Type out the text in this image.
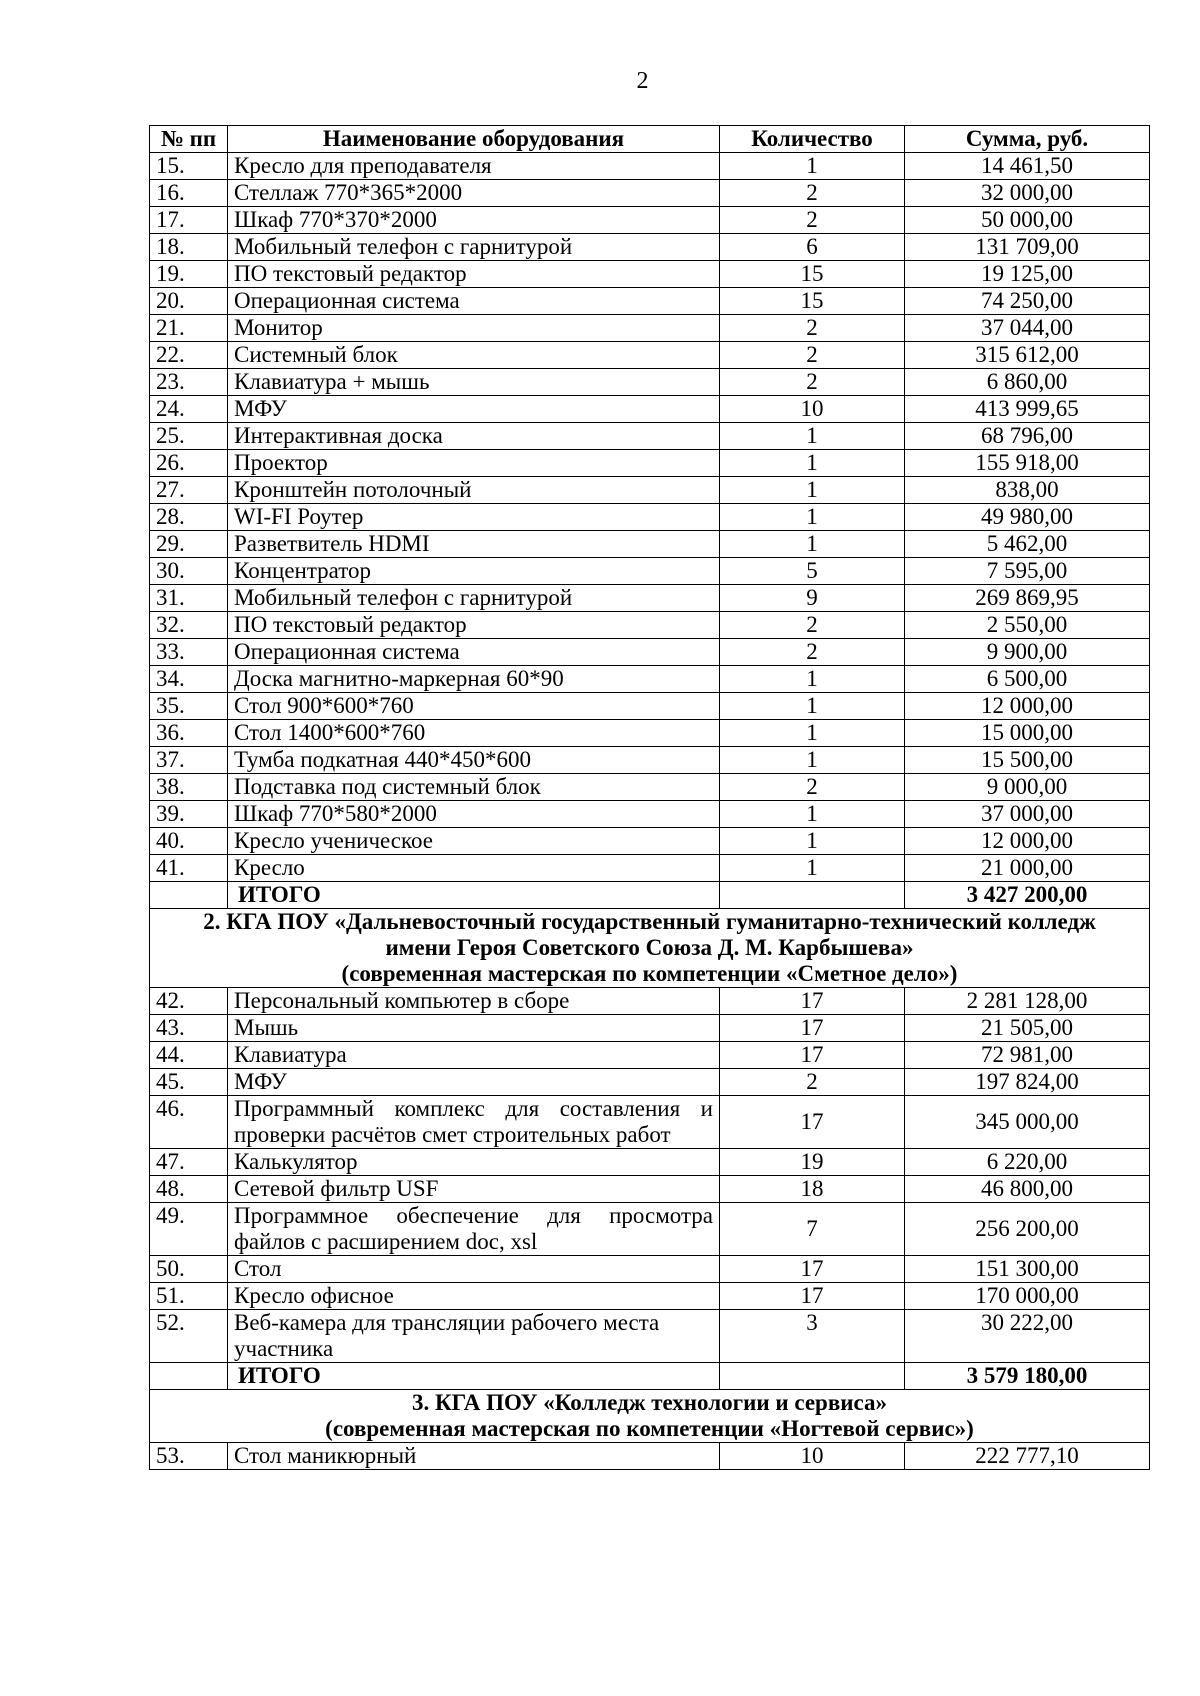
2
№ пп	Наименование оборудования	Количество	Сумма, руб.
15.	Кресло для преподавателя	1	14 461,50
16.	Стеллаж 770*365*2000	2	32 000,00
17.	Шкаф 770*370*2000	2	50 000,00
18.	Мобильный телефон с гарнитурой	6	131 709,00
19.	ПО текстовый редактор	15	19 125,00
20.	Операционная система	15	74 250,00
21.	Монитор	2	37 044,00
22.	Системный блок	2	315 612,00
23.	Клавиатура + мышь	2	6 860,00
24.	МФУ	10	413 999,65
25.	Интерактивная доска	1	68 796,00
26.	Проектор	1	155 918,00
27.	Кронштейн потолочный	1	838,00
28.	WI-FI Роутер	1	49 980,00
29.	Разветвитель HDMI	1	5 462,00
30.	Концентратор	5	7 595,00
31.	Мобильный телефон с гарнитурой	9	269 869,95
32.	ПО текстовый редактор	2	2 550,00
33.	Операционная система	2	9 900,00
34.	Доска магнитно-маркерная 60*90	1	6 500,00
35.	Стол 900*600*760	1	12 000,00
36.	Стол 1400*600*760	1	15 000,00
37.	Тумба подкатная 440*450*600	1	15 500,00
38.	Подставка под системный блок	2	9 000,00
39.	Шкаф 770*580*2000	1	37 000,00
40.	Кресло ученическое	1	12 000,00
41.	Кресло	1	21 000,00
	ИТОГО		3 427 200,00

2. КГА ПОУ «Дальневосточный государственный гуманитарно-технический колледж
имени Героя Советского Союза Д. М. Карбышева»
(современная мастерская по компетенции «Сметное дело»)			

42.	Персональный компьютер в сборе	17	2 281 128,00
43.	Мышь	17	21 505,00
44.	Клавиатура	17	72 981,00
45.	МФУ	2	197 824,00
46.	Программный комплекс для составления и проверки расчётов смет строительных работ	17	345 000,00
47.	Калькулятор	19	6 220,00
48.	Сетевой фильтр USF	18	46 800,00
49.	Программное обеспечение для просмотра файлов с расширением doc, xsl	7	256 200,00
50.	Стол	17	151 300,00
51.	Кресло офисное	17	170 000,00
52.	Веб-камера для трансляции рабочего места участника	3	30 222,00
	ИТОГО		3 579 180,00

3. КГА ПОУ «Колледж технологии и сервиса»
(современная мастерская по компетенции «Ногтевой сервис»)			

53.	Стол маникюрный	10	222 777,10
